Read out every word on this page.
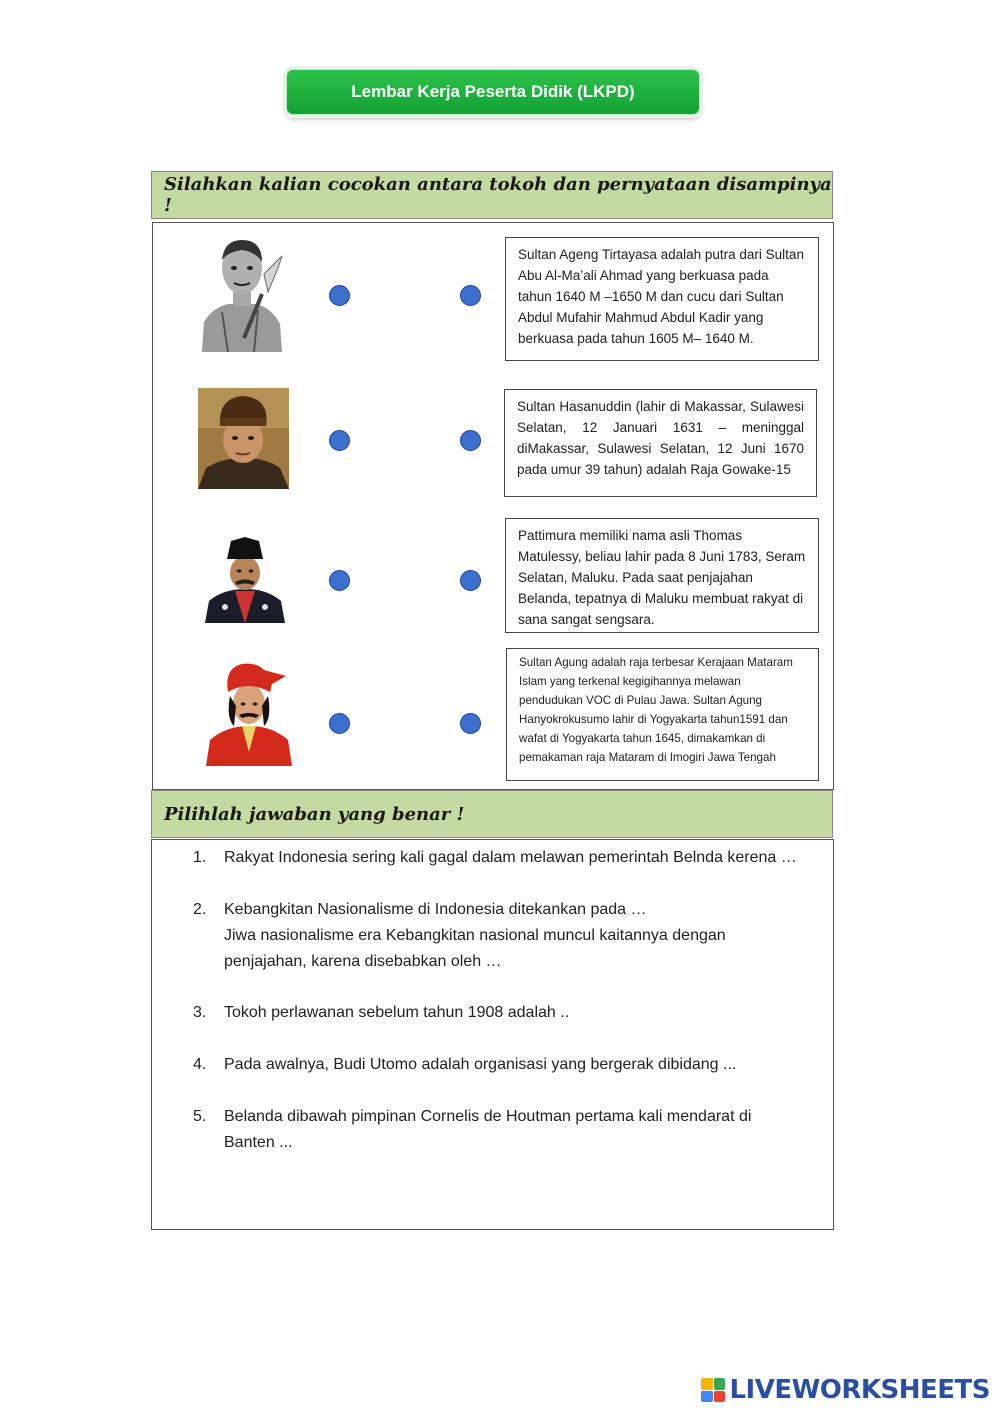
Lembar Kerja Peserta Didik (LKPD)
Silahkan kalian cocokan antara tokoh dan pernyataan disampinya !
Sultan Ageng Tirtayasa adalah putra dari Sultan Abu Al-Ma’ali Ahmad yang berkuasa pada tahun 1640 M –1650 M dan cucu dari Sultan Abdul Mufahir Mahmud Abdul Kadir yang berkuasa pada tahun 1605 M– 1640 M.
Sultan Hasanuddin (lahir di Makassar, Sulawesi Selatan, 12 Januari 1631 – meninggal diMakassar, Sulawesi Selatan, 12 Juni 1670 pada umur 39 tahun) adalah Raja Gowake-15
Pattimura memiliki nama asli Thomas Matulessy, beliau lahir pada 8 Juni 1783, Seram Selatan, Maluku. Pada saat penjajahan Belanda, tepatnya di Maluku membuat rakyat di sana sangat sengsara.
Sultan Agung adalah raja terbesar Kerajaan Mataram Islam yang terkenal kegigihannya melawan pendudukan VOC di Pulau Jawa. Sultan Agung Hanyokrokusumo lahir di Yogyakarta tahun1591 dan wafat di Yogyakarta tahun 1645, dimakamkan di pemakaman raja Mataram di Imogiri Jawa Tengah
Pilihlah jawaban yang benar !
1.	Rakyat Indonesia sering kali gagal dalam melawan pemerintah Belnda kerena …
2.	Kebangkitan Nasionalisme di Indonesia ditekankan pada …
Jiwa nasionalisme era Kebangkitan nasional muncul kaitannya dengan
penjajahan, karena disebabkan oleh …
3.	Tokoh perlawanan sebelum tahun 1908 adalah ..
4.	Pada awalnya, Budi Utomo adalah organisasi yang bergerak dibidang ...
5.	Belanda dibawah pimpinan Cornelis de Houtman pertama kali mendarat di
Banten ...
LIVEWORKSHEETS
